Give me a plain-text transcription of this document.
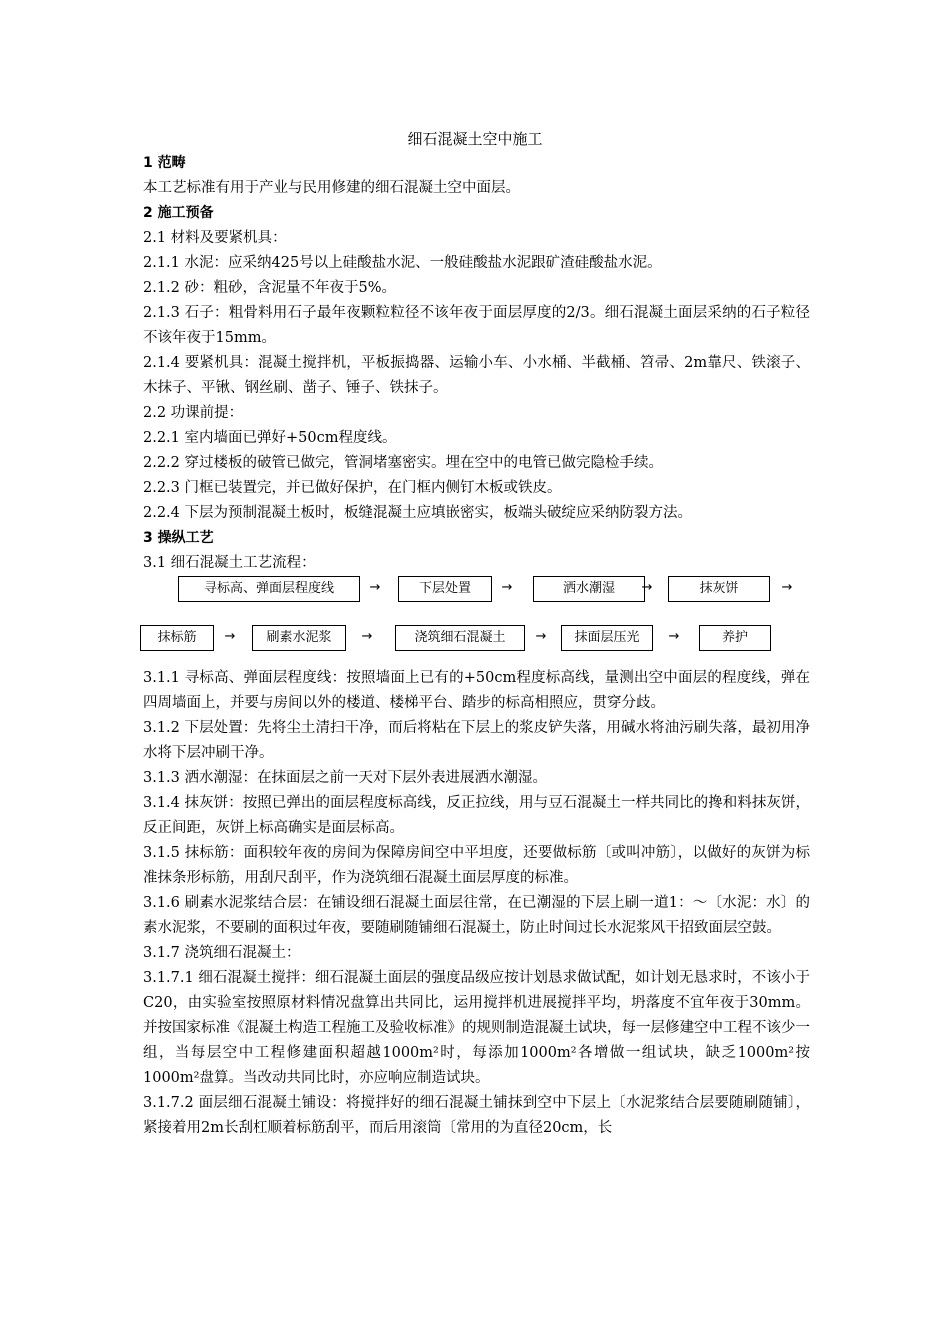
细石混凝土空中施工

1 范畴

本工艺标准有用于产业与民用修建的细石混凝土空中面层。

2 施工预备

2.1 材料及要紧机具：

2.1.1 水泥：应采纳425号以上硅酸盐水泥、一般硅酸盐水泥跟矿渣硅酸盐水泥。

2.1.2 砂：粗砂，含泥量不年夜于5%。

2.1.3 石子：粗骨料用石子最年夜颗粒粒径不该年夜于面层厚度的2/3。细石混凝土面层采纳的石子粒径不该年夜于15mm。

2.1.4 要紧机具：混凝土搅拌机，平板振捣器、运输小车、小水桶、半截桶、笤帚、2m靠尺、铁滚子、木抹子、平锹、钢丝刷、凿子、锤子、铁抹子。

2.2 功课前提：

2.2.1 室内墙面已弹好+50cm程度线。

2.2.2 穿过楼板的破管已做完，管洞堵塞密实。埋在空中的电管已做完隐检手续。

2.2.3 门框已装置完，并已做好保护，在门框内侧钉木板或铁皮。

2.2.4 下层为预制混凝土板时，板缝混凝土应填嵌密实，板端头破绽应采纳防裂方法。

3 操纵工艺

3.1 细石混凝土工艺流程：

寻标高、弹面层程度线	→	下层处置	→	洒水潮湿	→	抹灰饼	→
抹标筋	→	刷素水泥浆	→	浇筑细石混凝土	→	抹面层压光	→	养护

3.1.1 寻标高、弹面层程度线：按照墙面上已有的+50cm程度标高线，量测出空中面层的程度线，弹在四周墙面上，并要与房间以外的楼道、楼梯平台、踏步的标高相照应，贯穿分歧。

3.1.2 下层处置：先将尘土清扫干净，而后将粘在下层上的浆皮铲失落，用碱水将油污刷失落，最初用净水将下层冲刷干净。

3.1.3 洒水潮湿：在抹面层之前一天对下层外表进展洒水潮湿。

3.1.4 抹灰饼：按照已弹出的面层程度标高线，反正拉线，用与豆石混凝土一样共同比的搀和料抹灰饼，反正间距，灰饼上标高确实是面层标高。

3.1.5 抹标筋：面积较年夜的房间为保障房间空中平坦度，还要做标筋〔或叫冲筋〕，以做好的灰饼为标准抹条形标筋，用刮尺刮平，作为浇筑细石混凝土面层厚度的标准。

3.1.6 刷素水泥浆结合层：在铺设细石混凝土面层往常，在已潮湿的下层上刷一道1：～〔水泥：水〕的素水泥浆，不要刷的面积过年夜，要随刷随铺细石混凝土，防止时间过长水泥浆风干招致面层空鼓。

3.1.7 浇筑细石混凝土：

3.1.7.1 细石混凝土搅拌：细石混凝土面层的强度品级应按计划恳求做试配，如计划无恳求时，不该小于C20，由实验室按照原材料情况盘算出共同比，运用搅拌机进展搅拌平均，坍落度不宜年夜于30mm。并按国家标准《混凝土构造工程施工及验收标准》的规则制造混凝土试块，每一层修建空中工程不该少一组，当每层空中工程修建面积超越1000m²时，每添加1000m²各增做一组试块，缺乏1000m²按1000m²盘算。当改动共同比时，亦应响应制造试块。

3.1.7.2 面层细石混凝土铺设：将搅拌好的细石混凝土铺抹到空中下层上〔水泥浆结合层要随刷随铺〕，紧接着用2m长刮杠顺着标筋刮平，而后用滚筒〔常用的为直径20cm，长
